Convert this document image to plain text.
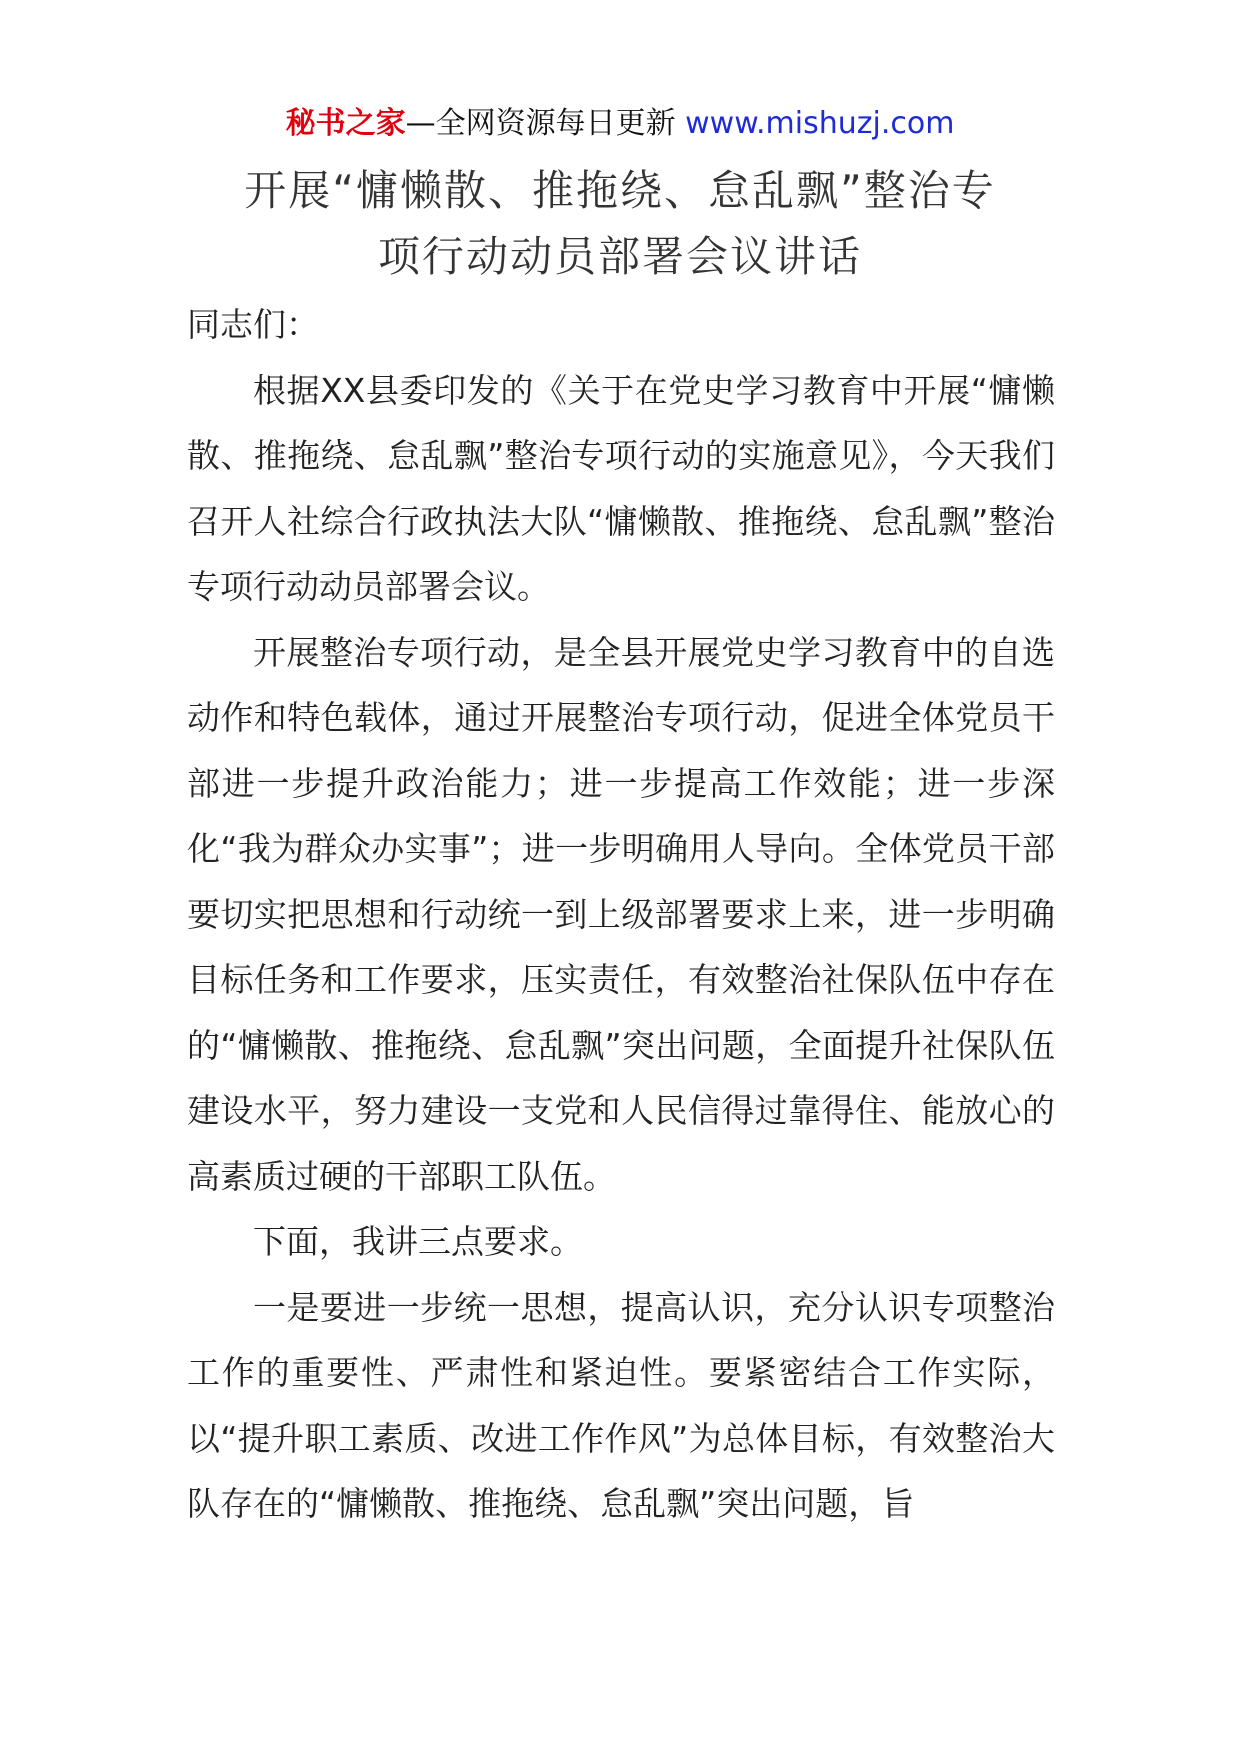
秘书之家—全网资源每日更新 www.mishuzj.com
开展“慵懒散、推拖绕、怠乱飘”整治专
项行动动员部署会议讲话

同志们：

根据XX县委印发的《关于在党史学习教育中开展“慵懒散、推拖绕、怠乱飘”整治专项行动的实施意见》，今天我们召开人社综合行政执法大队“慵懒散、推拖绕、怠乱飘”整治专项行动动员部署会议。

开展整治专项行动，是全县开展党史学习教育中的自选动作和特色载体，通过开展整治专项行动，促进全体党员干部进一步提升政治能力；进一步提高工作效能；进一步深化“我为群众办实事”；进一步明确用人导向。全体党员干部要切实把思想和行动统一到上级部署要求上来，进一步明确目标任务和工作要求，压实责任，有效整治社保队伍中存在的“慵懒散、推拖绕、怠乱飘”突出问题，全面提升社保队伍建设水平，努力建设一支党和人民信得过靠得住、能放心的高素质过硬的干部职工队伍。

下面，我讲三点要求。

一是要进一步统一思想，提高认识，充分认识专项整治工作的重要性、严肃性和紧迫性。要紧密结合工作实际，以“提升职工素质、改进工作作风”为总体目标，有效整治大队存在的“慵懒散、推拖绕、怠乱飘”突出问题，旨
